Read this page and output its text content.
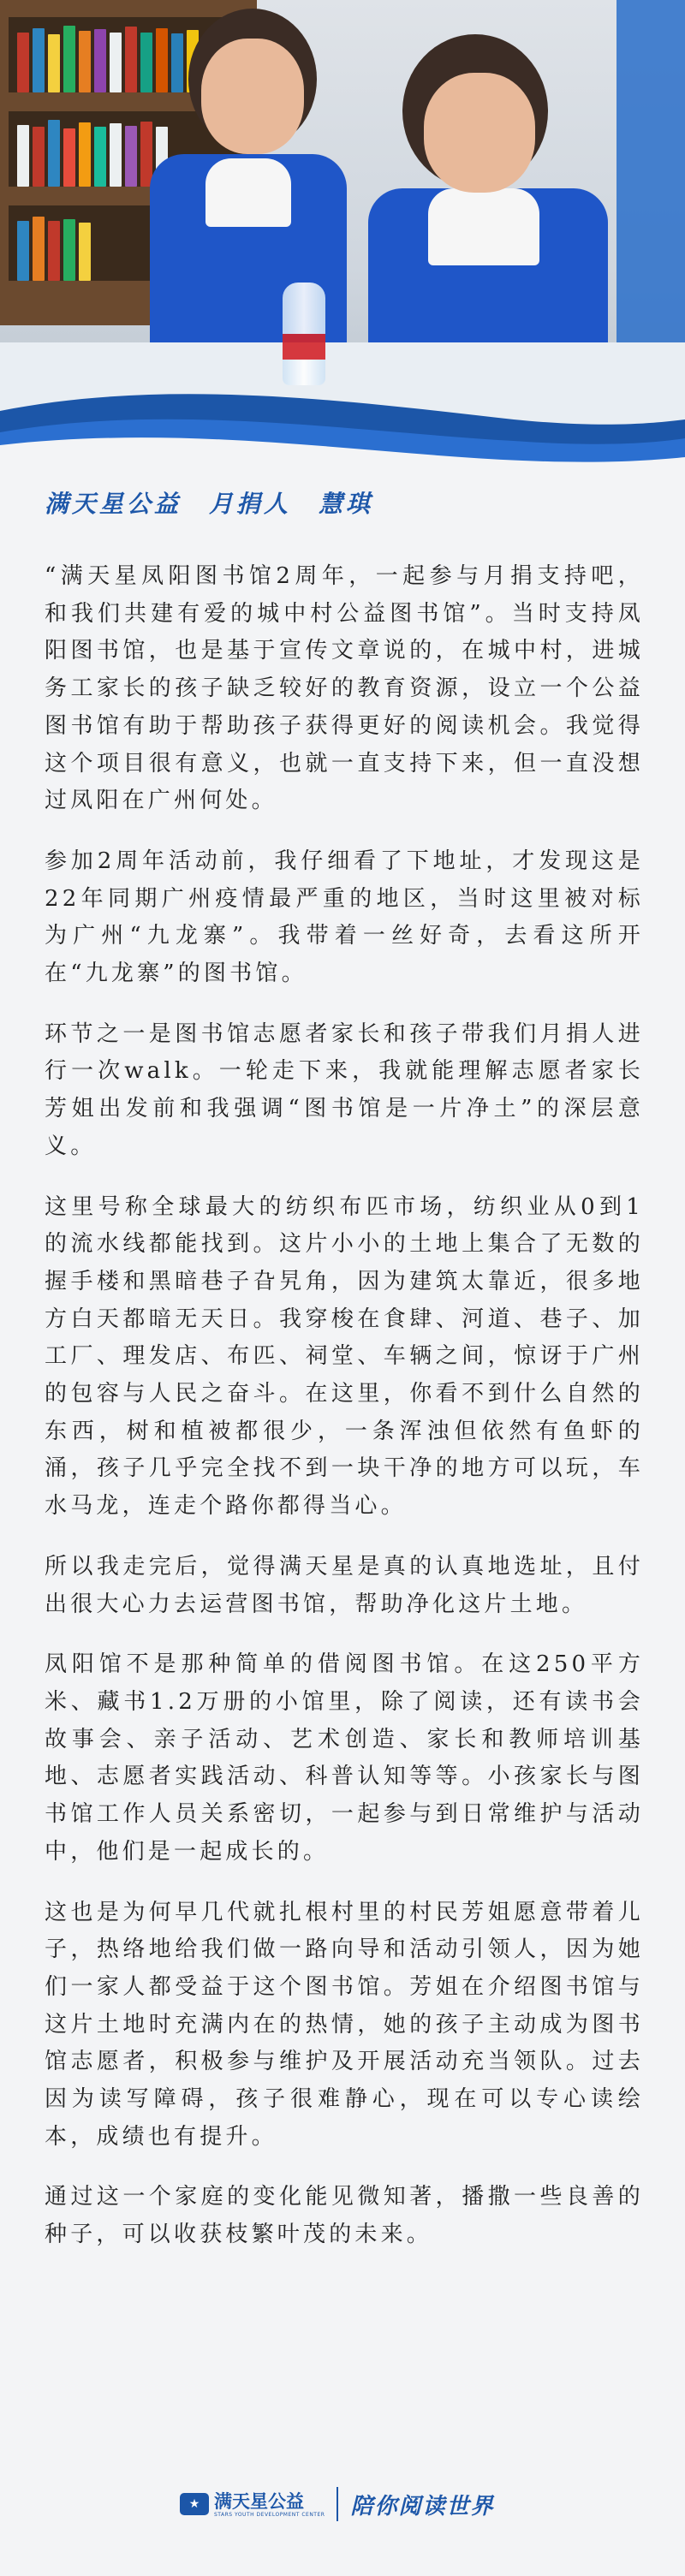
满天星公益　月捐人　慧琪

“满天星凤阳图书馆2周年，一起参与月捐支持吧，和我们共建有爱的城中村公益图书馆”。当时支持凤阳图书馆，也是基于宣传文章说的，在城中村，进城务工家长的孩子缺乏较好的教育资源，设立一个公益图书馆有助于帮助孩子获得更好的阅读机会。我觉得这个项目很有意义，也就一直支持下来，但一直没想过凤阳在广州何处。

参加2周年活动前，我仔细看了下地址，才发现这是22年同期广州疫情最严重的地区，当时这里被对标为广州“九龙寨”。我带着一丝好奇，去看这所开在“九龙寨”的图书馆。

环节之一是图书馆志愿者家长和孩子带我们月捐人进行一次walk。一轮走下来，我就能理解志愿者家长芳姐出发前和我强调“图书馆是一片净土”的深层意义。

这里号称全球最大的纺织布匹市场，纺织业从0到1的流水线都能找到。这片小小的土地上集合了无数的握手楼和黑暗巷子旮旯角，因为建筑太靠近，很多地方白天都暗无天日。我穿梭在食肆、河道、巷子、加工厂、理发店、布匹、祠堂、车辆之间，惊讶于广州的包容与人民之奋斗。在这里，你看不到什么自然的东西，树和植被都很少，一条浑浊但依然有鱼虾的涌，孩子几乎完全找不到一块干净的地方可以玩，车水马龙，连走个路你都得当心。

所以我走完后，觉得满天星是真的认真地选址，且付出很大心力去运营图书馆，帮助净化这片土地。

凤阳馆不是那种简单的借阅图书馆。在这250平方米、藏书1.2万册的小馆里，除了阅读，还有读书会故事会、亲子活动、艺术创造、家长和教师培训基地、志愿者实践活动、科普认知等等。小孩家长与图书馆工作人员关系密切，一起参与到日常维护与活动中，他们是一起成长的。

这也是为何早几代就扎根村里的村民芳姐愿意带着儿子，热络地给我们做一路向导和活动引领人，因为她们一家人都受益于这个图书馆。芳姐在介绍图书馆与这片土地时充满内在的热情，她的孩子主动成为图书馆志愿者，积极参与维护及开展活动充当领队。过去因为读写障碍，孩子很难静心，现在可以专心读绘本，成绩也有提升。

通过这一个家庭的变化能见微知著，播撒一些良善的种子，可以收获枝繁叶茂的未来。

★ 满天星公益
STARS YOUTH DEVELOPMENT CENTER 陪你阅读世界
